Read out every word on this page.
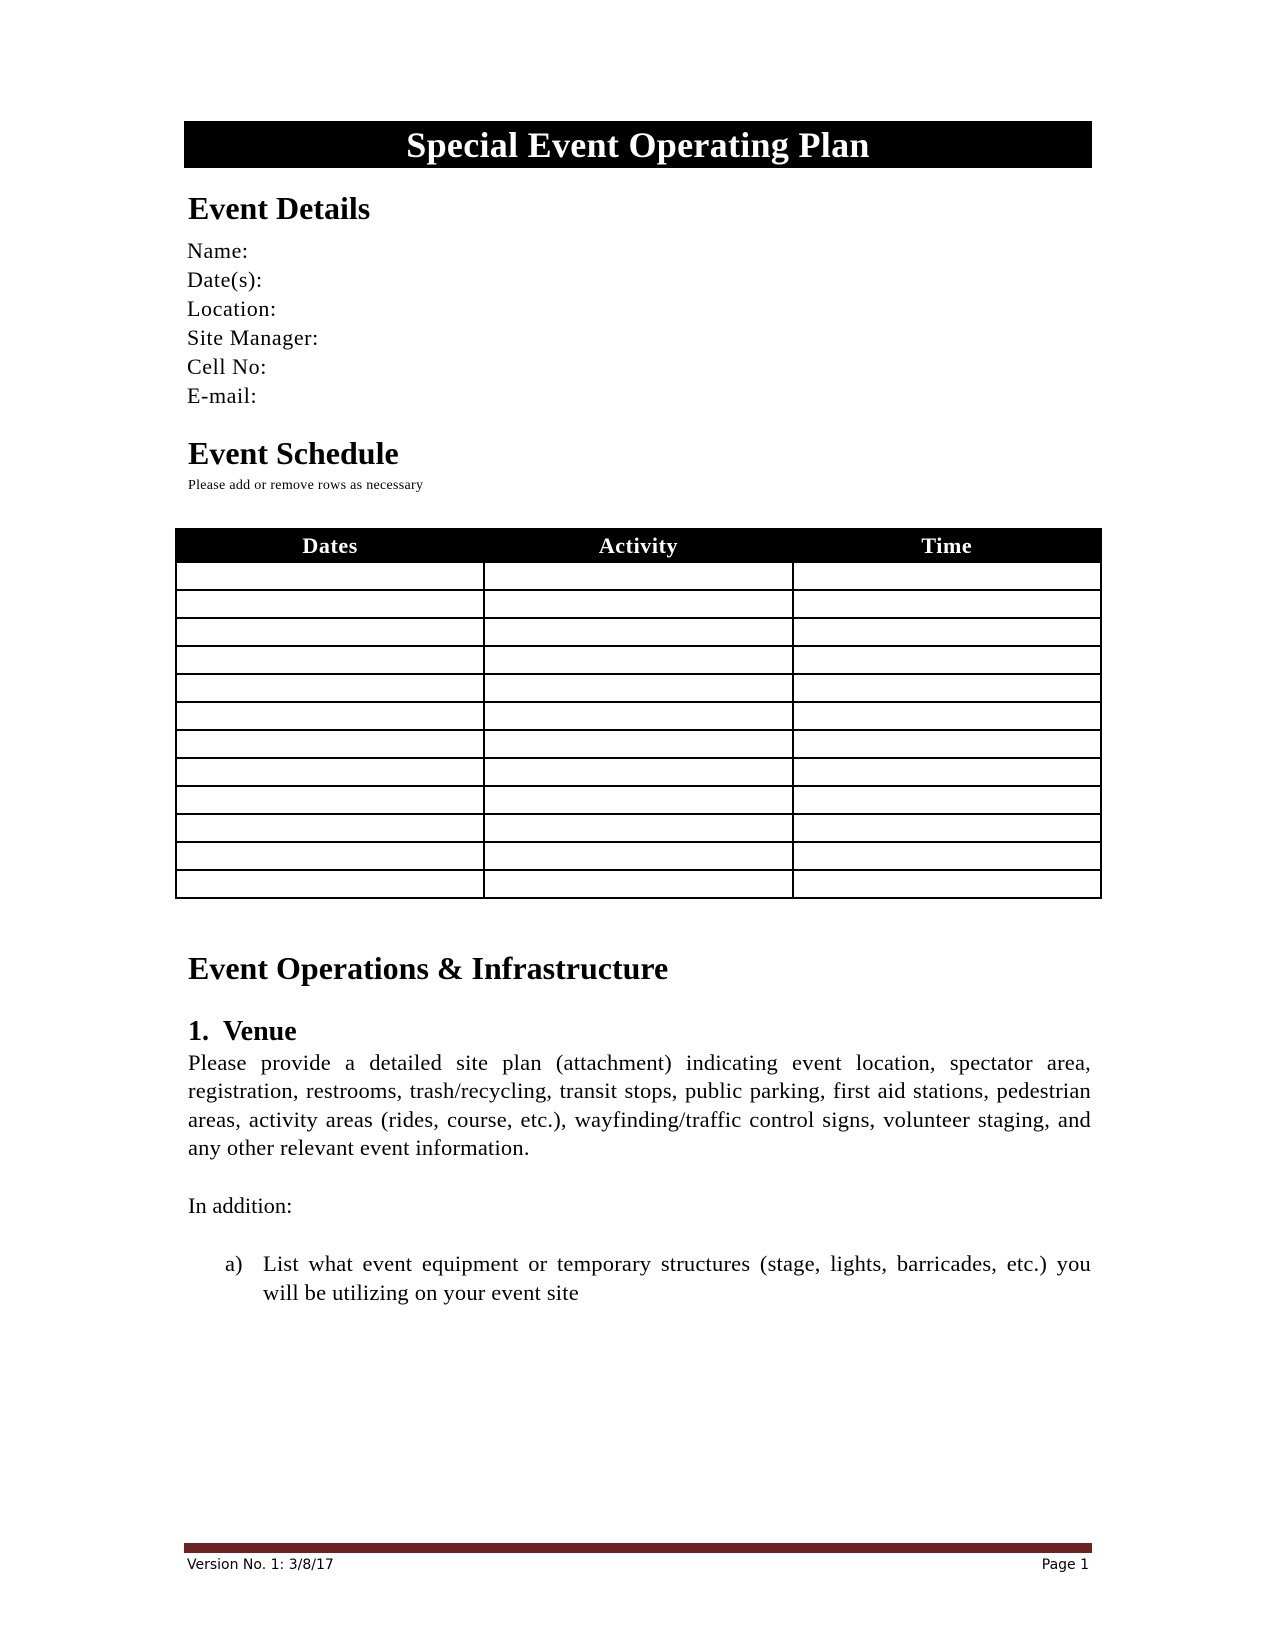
Special Event Operating Plan
Event Details
Name:
Date(s):
Location:
Site Manager:
Cell No:
E-mail:
Event Schedule
Please add or remove rows as necessary
Dates	Activity	Time

Event Operations & Infrastructure
1. Venue

Please provide a detailed site plan (attachment) indicating event location, spectator area, registration, restrooms, trash/recycling, transit stops, public parking, first aid stations, pedestrian areas, activity areas (rides, course, etc.), wayfinding/traffic control signs, volunteer staging, and any other relevant event information.

In addition:

a) List what event equipment or temporary structures (stage, lights, barricades, etc.) you will be utilizing on your event site
Version No. 1: 3/8/17	Page 1
